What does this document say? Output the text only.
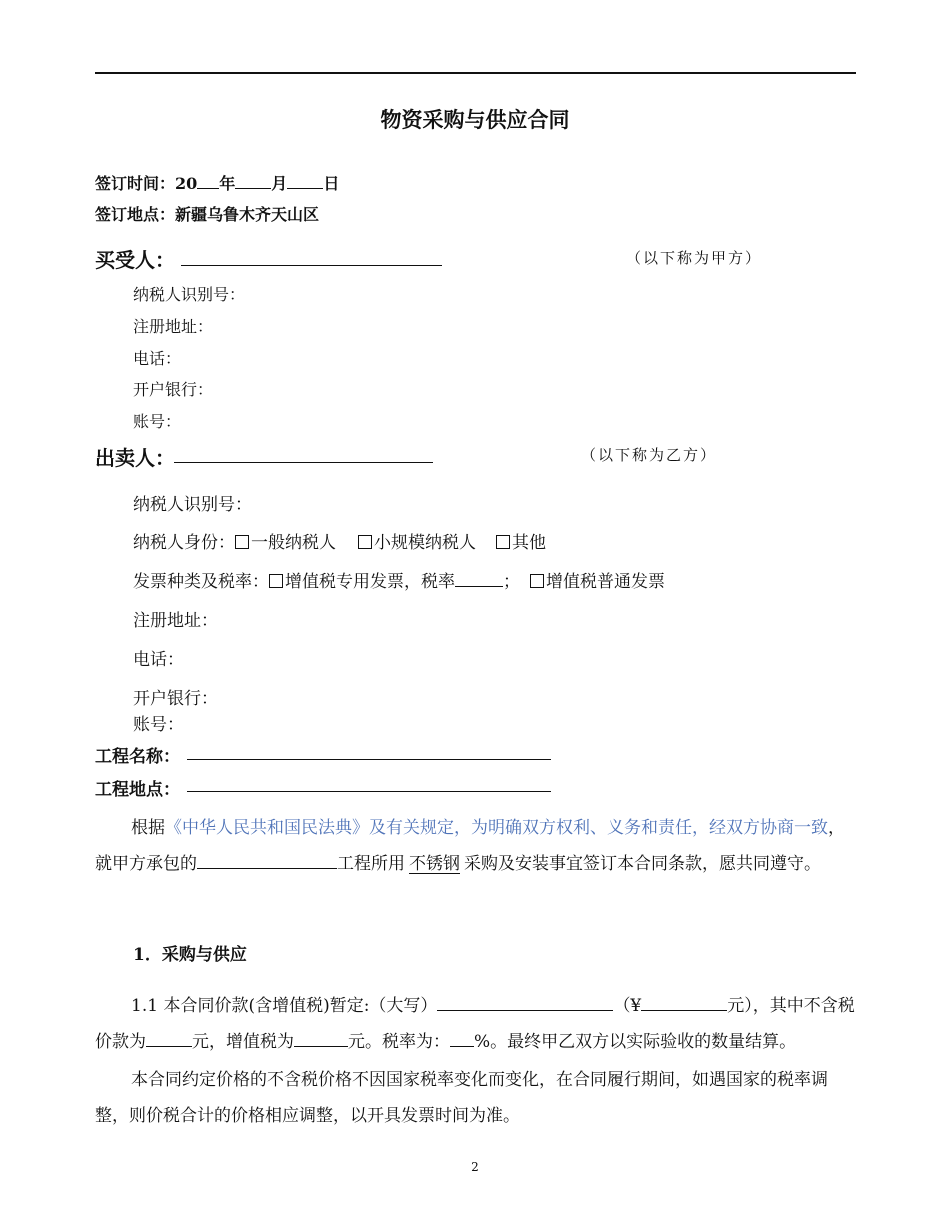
物资采购与供应合同
签订时间：20 年 月 日
签订地点：新疆乌鲁木齐天山区
买受人：	（以下称为甲方）
纳税人识别号：
注册地址：
电话：
开户银行：
账号：
出卖人：	（以下称为乙方）
纳税人识别号：
纳税人身份： 一般纳税人 小规模纳税人 其他
发票种类及税率： 增值税专用发票，税率	； 增值税普通发票
注册地址：
电话：
开户银行：
账号：
工程名称：
工程地点：
根据《中华人民共和国民法典》及有关规定，为明确双方权利、义务和责任，经双方协商一致，就甲方承包的	工程所用 不锈钢 采购及安装事宜签订本合同条款，愿共同遵守。
1．采购与供应
1.1 本合同价款(含增值税)暂定:（大写）	（¥	元），其中不含税价款为	元，增值税为	元。税率为： %。最终甲乙双方以实际验收的数量结算。
本合同约定价格的不含税价格不因国家税率变化而变化，在合同履行期间，如遇国家的税率调整，则价税合计的价格相应调整，以开具发票时间为准。
2
